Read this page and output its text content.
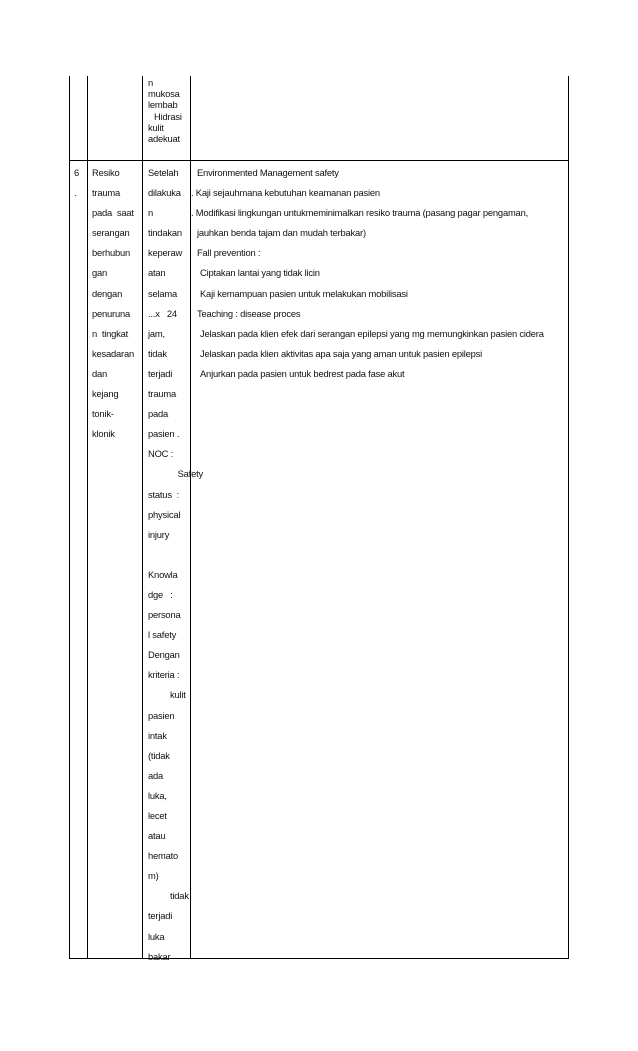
n
mukosa
lembab
Hidrasi
kulit
adekuat
6
.
Resiko
trauma
pada  saat
serangan
berhubun
gan
dengan
penuruna
n  tingkat
kesadaran
dan
kejang
tonik-
klonik
Setelah
dilakuka
n
tindakan
keperaw
atan
selama
...x   24
jam,
tidak
terjadi
trauma
pada
pasien .
NOC :
Safety
status  :
physical
injury
Knowla
dge   :
persona
l safety
Dengan
kriteria :
kulit
pasien
intak
(tidak
ada
luka,
lecet
atau
hemato
m)
tidak
terjadi
luka
bakar
Environmented Management safety
. Kaji sejauhmana kebutuhan keamanan pasien
. Modifikasi lingkungan untukmeminimalkan resiko trauma (pasang pagar pengaman,
jauhkan benda tajam dan mudah terbakar)
Fall prevention :
Ciptakan lantai yang tidak licin
Kaji kemampuan pasien untuk melakukan mobilisasi
Teaching : disease proces
Jelaskan pada klien efek dari serangan epilepsi yang mg memungkinkan pasien cidera
Jelaskan pada klien aktivitas apa saja yang aman untuk pasien epilepsi
Anjurkan pada pasien untuk bedrest pada fase akut
